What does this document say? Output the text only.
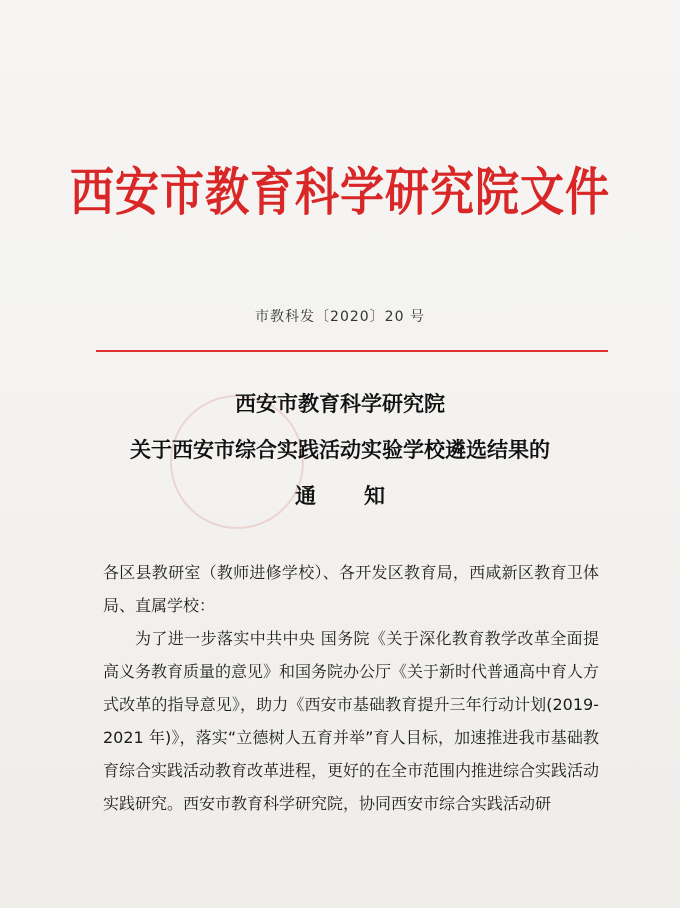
西安市教育科学研究院文件
市教科发〔2020〕20 号
西安市教育科学研究院
关于西安市综合实践活动实验学校遴选结果的
通知

各区县教研室（教师进修学校）、各开发区教育局，西咸新区教育卫体局、直属学校：

为了进一步落实中共中央 国务院《关于深化教育教学改革全面提高义务教育质量的意见》和国务院办公厅《关于新时代普通高中育人方式改革的指导意见》，助力《西安市基础教育提升三年行动计划(2019-2021 年)》，落实“立德树人五育并举”育人目标，加速推进我市基础教育综合实践活动教育改革进程，更好的在全市范围内推进综合实践活动实践研究。西安市教育科学研究院，协同西安市综合实践活动研
